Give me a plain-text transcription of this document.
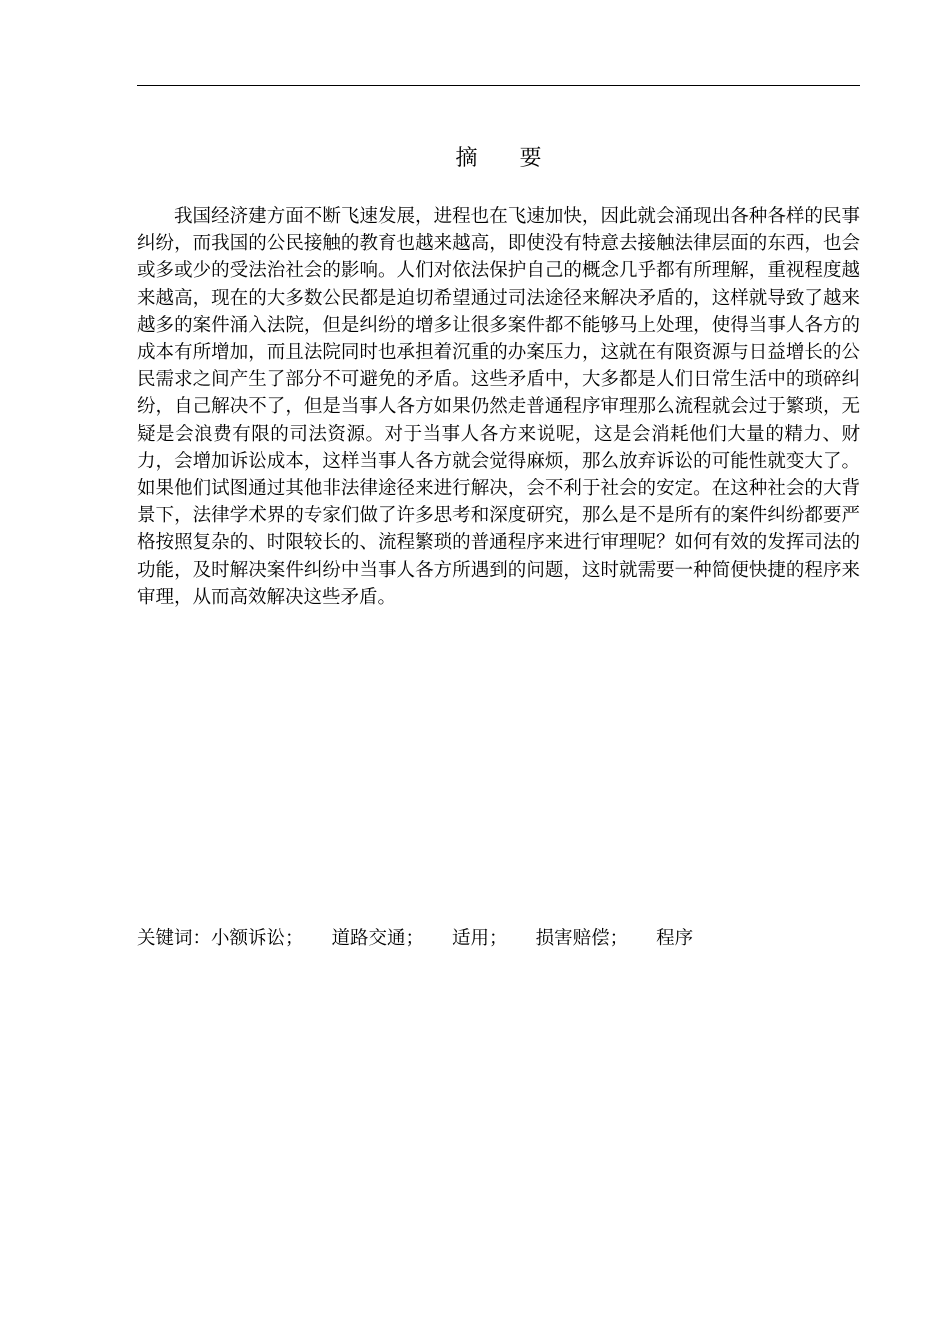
摘 要

我国经济建方面不断飞速发展，进程也在飞速加快，因此就会涌现出各种各样的民事纠纷，而我国的公民接触的教育也越来越高，即使没有特意去接触法律层面的东西，也会或多或少的受法治社会的影响。人们对依法保护自己的概念几乎都有所理解，重视程度越来越高，现在的大多数公民都是迫切希望通过司法途径来解决矛盾的，这样就导致了越来越多的案件涌入法院，但是纠纷的增多让很多案件都不能够马上处理，使得当事人各方的成本有所增加，而且法院同时也承担着沉重的办案压力，这就在有限资源与日益增长的公民需求之间产生了部分不可避免的矛盾。这些矛盾中，大多都是人们日常生活中的琐碎纠纷，自己解决不了，但是当事人各方如果仍然走普通程序审理那么流程就会过于繁琐，无疑是会浪费有限的司法资源。对于当事人各方来说呢，这是会消耗他们大量的精力、财力，会增加诉讼成本，这样当事人各方就会觉得麻烦，那么放弃诉讼的可能性就变大了。如果他们试图通过其他非法律途径来进行解决，会不利于社会的安定。在这种社会的大背景下，法律学术界的专家们做了许多思考和深度研究，那么是不是所有的案件纠纷都要严格按照复杂的、时限较长的、流程繁琐的普通程序来进行审理呢？如何有效的发挥司法的功能，及时解决案件纠纷中当事人各方所遇到的问题，这时就需要一种简便快捷的程序来审理，从而高效解决这些矛盾。

关键词：小额诉讼； 道路交通； 适用； 损害赔偿； 程序
